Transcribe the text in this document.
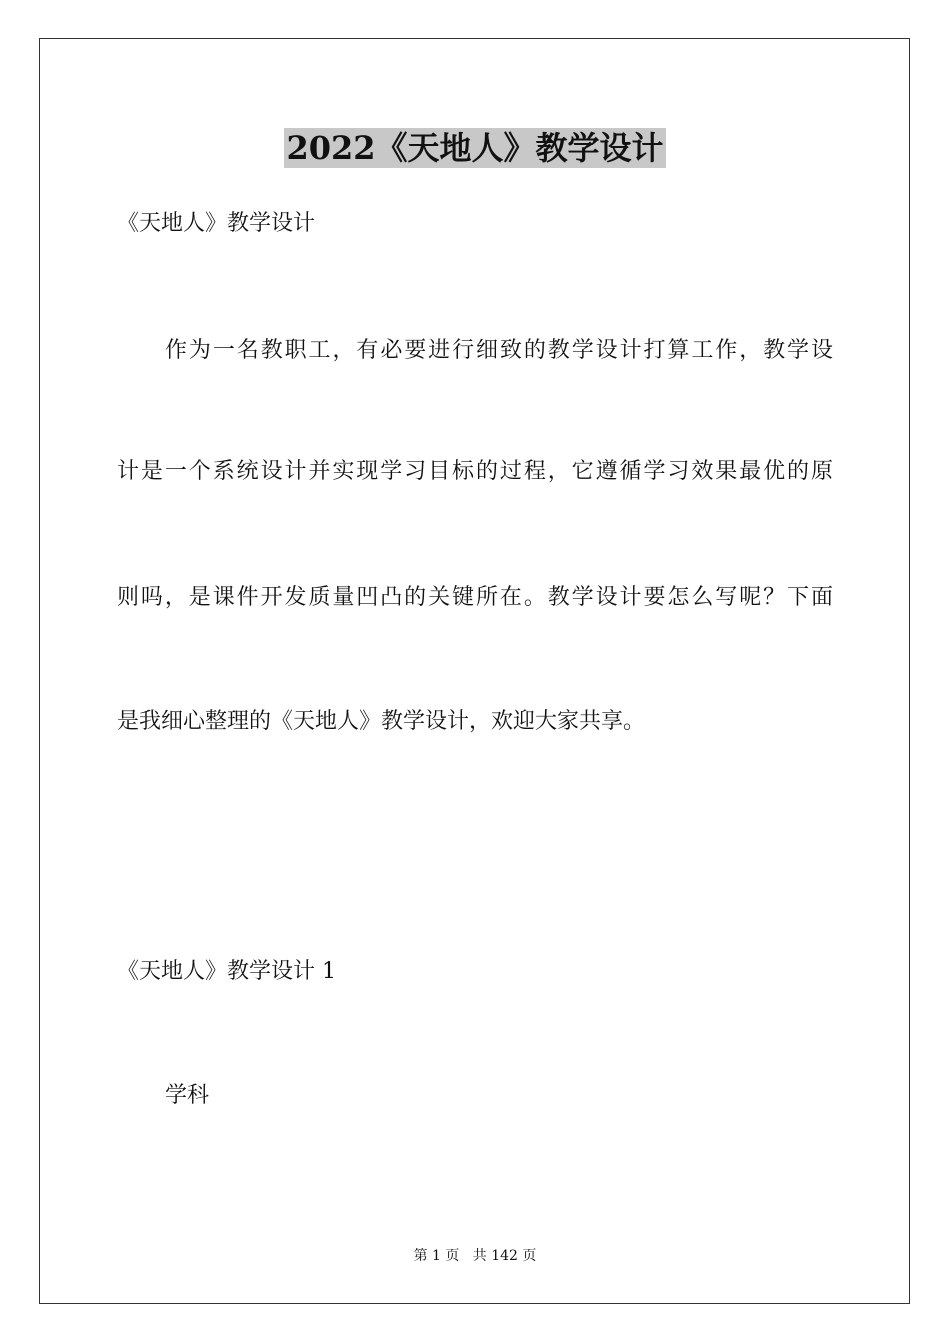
2022《天地人》教学设计

《天地人》教学设计

作为一名教职工，有必要进行细致的教学设计打算工作，教学设

计是一个系统设计并实现学习目标的过程，它遵循学习效果最优的原

则吗，是课件开发质量凹凸的关键所在。教学设计要怎么写呢？下面

是我细心整理的《天地人》教学设计，欢迎大家共享。

《天地人》教学设计 1

学科

第 1 页 共 142 页
